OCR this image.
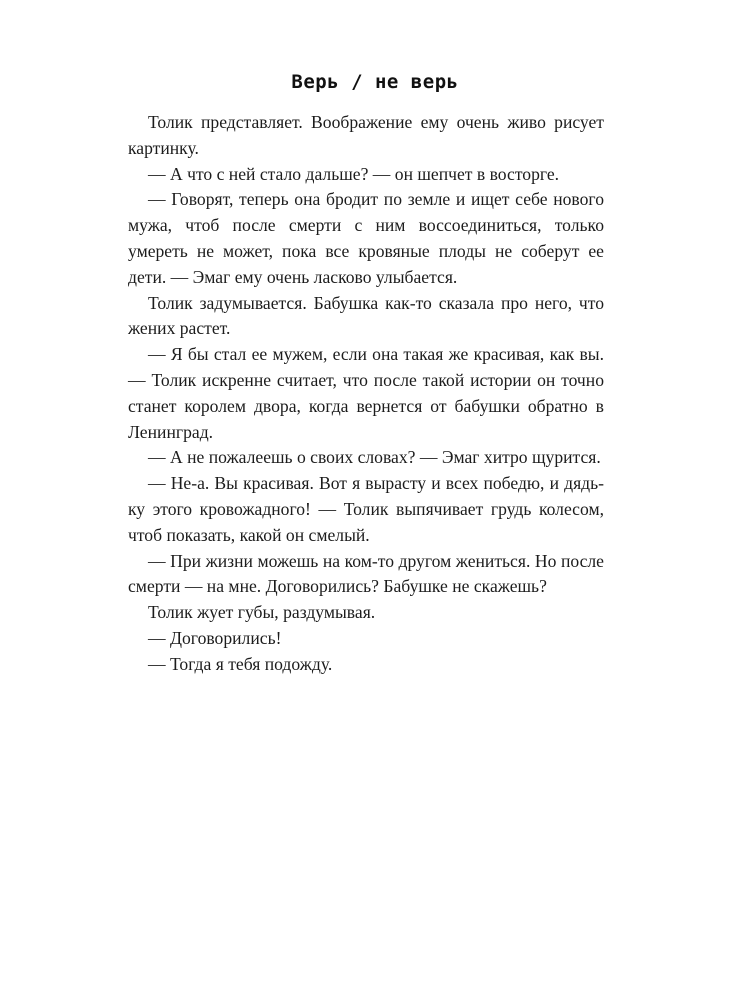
Верь / не верь

Толик представляет. Воображение ему очень живо рисует картинку.

— А что с ней стало дальше? — он шепчет в восторге.

— Говорят, теперь она бродит по земле и ищет себе нового мужа, чтоб после смерти с ним воссоединиться, только умереть не может, пока все кровяные плоды не соберут ее дети. — Эмаг ему очень ласково улыбается.

Толик задумывается. Бабушка как-то сказала про него, что жених растет.

— Я бы стал ее мужем, если она такая же красивая, как вы. — Толик искренне считает, что после такой истории он точно станет королем двора, когда вернется от бабушки обратно в Ленинград.

— А не пожалеешь о своих словах? — Эмаг хитро щурится.

— Не-а. Вы красивая. Вот я вырасту и всех победю, и дядьку этого кровожадного! — Толик выпячивает грудь колесом, чтоб показать, какой он смелый.

— При жизни можешь на ком-то другом жениться. Но после смерти — на мне. Договорились? Бабушке не скажешь?

Толик жует губы, раздумывая.

— Договорились!

— Тогда я тебя подожду.
